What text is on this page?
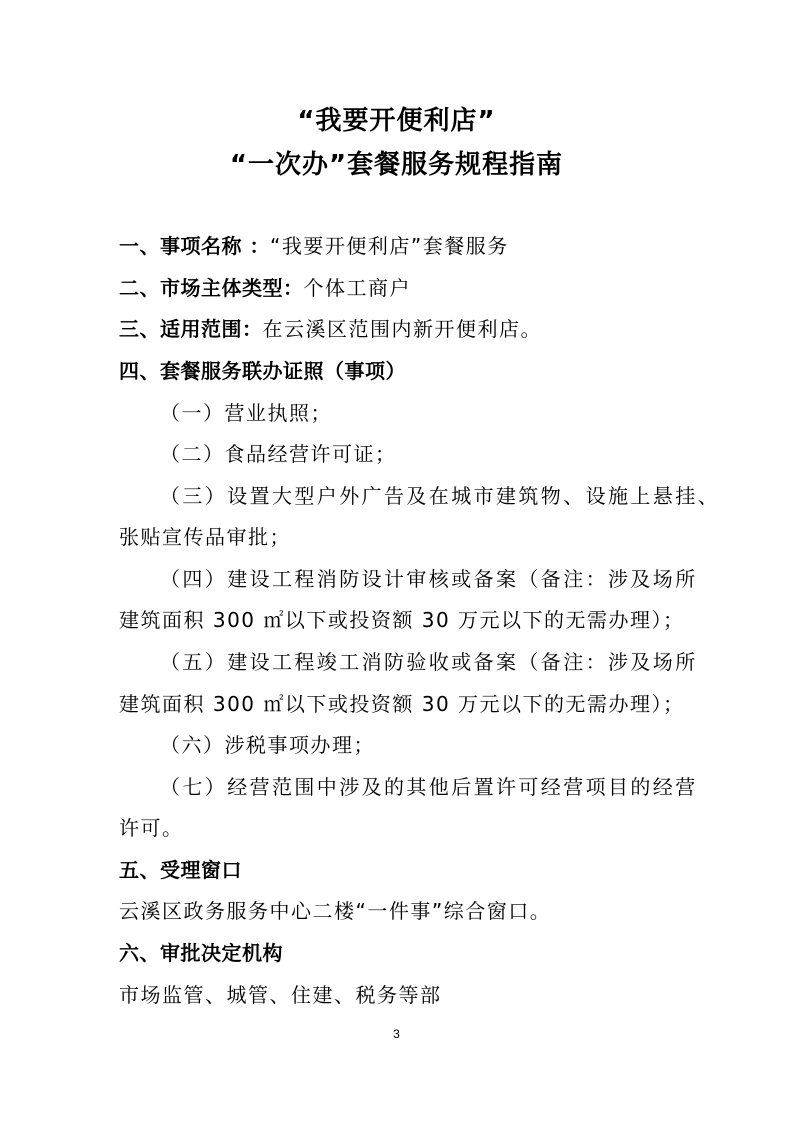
“我要开便利店”
“一次办”套餐服务规程指南
一、事项名称 ：“我要开便利店”套餐服务
二、市场主体类型：个体工商户
三、适用范围：在云溪区范围内新开便利店。
四、套餐服务联办证照（事项）
（一）营业执照；
（二）食品经营许可证；
（三）设置大型户外广告及在城市建筑物、设施上悬挂、
张贴宣传品审批；
（四）建设工程消防设计审核或备案（备注：涉及场所
建筑面积 300 ㎡以下或投资额 30 万元以下的无需办理）；
（五）建设工程竣工消防验收或备案（备注：涉及场所
建筑面积 300 ㎡以下或投资额 30 万元以下的无需办理）；
（六）涉税事项办理；
（七）经营范围中涉及的其他后置许可经营项目的经营
许可。
五、受理窗口
云溪区政务服务中心二楼“一件事”综合窗口。
六、审批决定机构
市场监管、城管、住建、税务等部
3
